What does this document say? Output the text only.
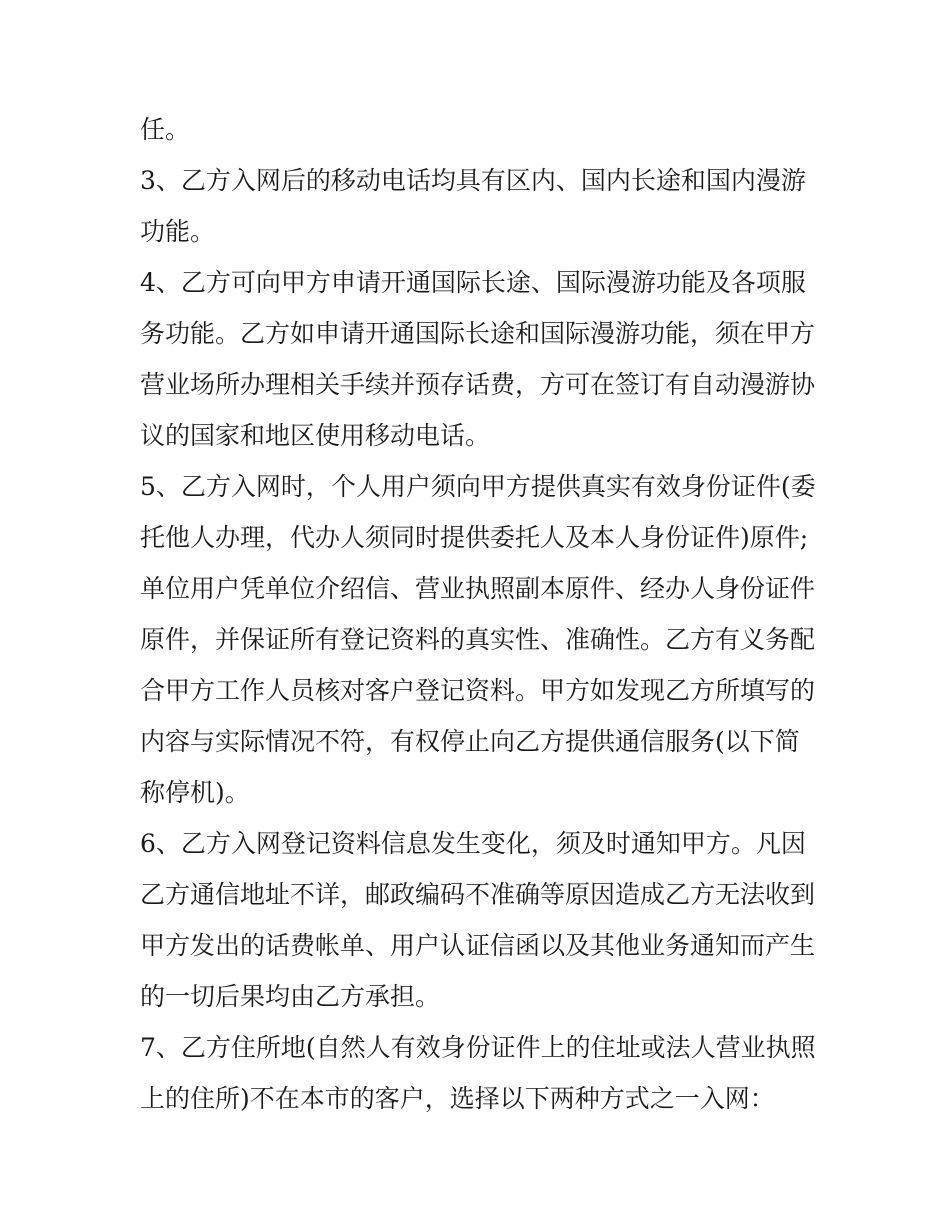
任。
3、乙方入网后的移动电话均具有区内、国内长途和国内漫游
功能。
4、乙方可向甲方申请开通国际长途、国际漫游功能及各项服
务功能。乙方如申请开通国际长途和国际漫游功能，须在甲方
营业场所办理相关手续并预存话费，方可在签订有自动漫游协
议的国家和地区使用移动电话。
5、乙方入网时，个人用户须向甲方提供真实有效身份证件(委
托他人办理，代办人须同时提供委托人及本人身份证件)原件;
单位用户凭单位介绍信、营业执照副本原件、经办人身份证件
原件，并保证所有登记资料的真实性、准确性。乙方有义务配
合甲方工作人员核对客户登记资料。甲方如发现乙方所填写的
内容与实际情况不符，有权停止向乙方提供通信服务(以下简
称停机)。
6、乙方入网登记资料信息发生变化，须及时通知甲方。凡因
乙方通信地址不详，邮政编码不准确等原因造成乙方无法收到
甲方发出的话费帐单、用户认证信函以及其他业务通知而产生
的一切后果均由乙方承担。
7、乙方住所地(自然人有效身份证件上的住址或法人营业执照
上的住所)不在本市的客户，选择以下两种方式之一入网：
